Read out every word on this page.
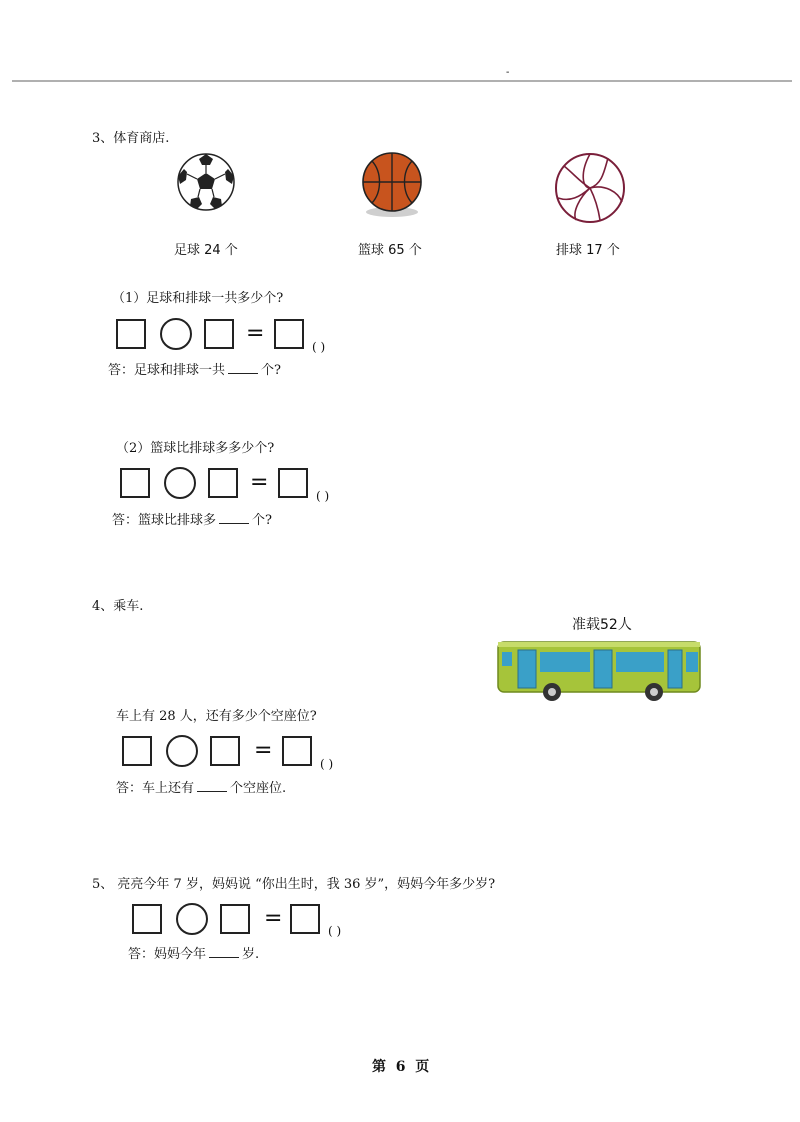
-
3、体育商店.
足球 24 个	篮球 65 个	排球 17 个
（1）足球和排球一共多少个?
=
( )
答：足球和排球一共	个?
（2）篮球比排球多多少个?
=
( )
答：篮球比排球多	个?
4、乘车.
准载52人
车上有 28 人，还有多少个空座位?
=
( )
答：车上还有	个空座位.
5、 亮亮今年 7 岁，妈妈说 “你出生时，我 36 岁”，妈妈今年多少岁?
=	( )
答：妈妈今年	岁.
第  6  页
